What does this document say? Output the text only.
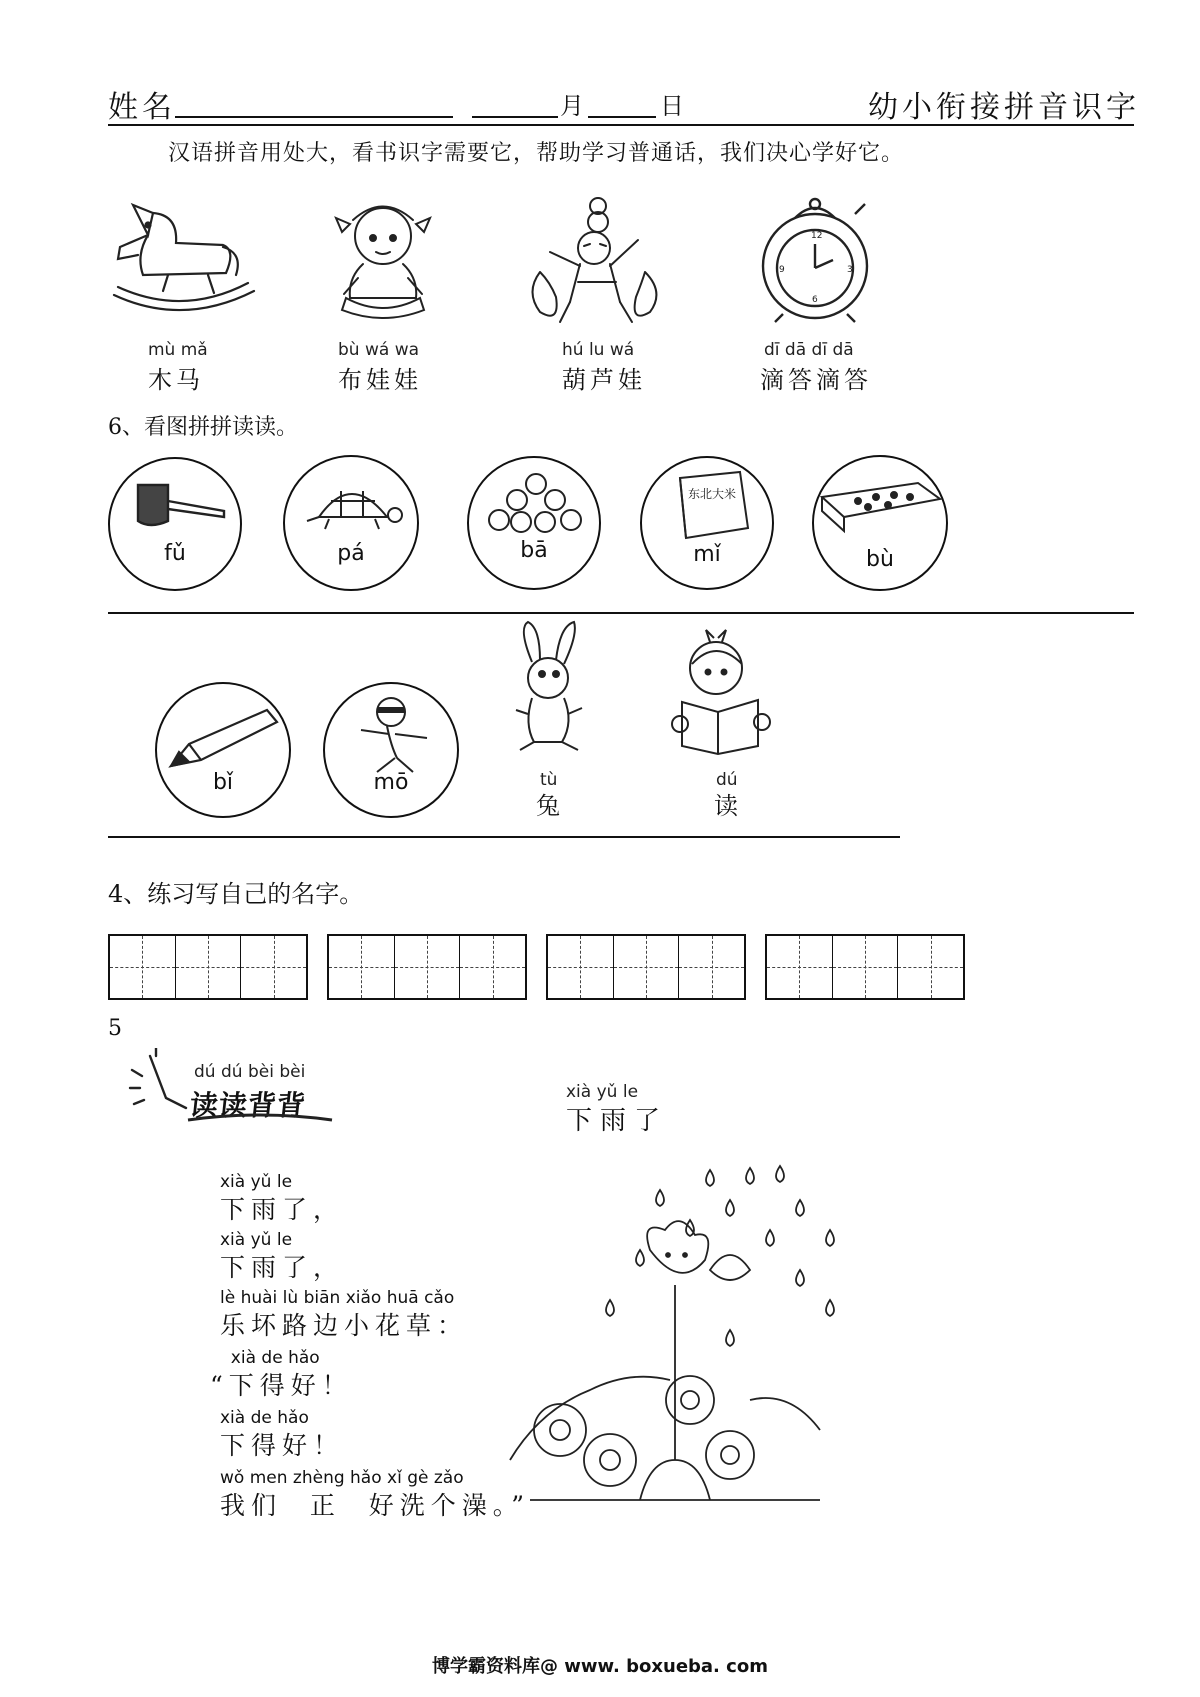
姓名	月	日	幼小衔接拼音识字
汉语拼音用处大，看书识字需要它，帮助学习普通话，我们决心学好它。
12
3
6
9
mù mǎ
木马
bù wá wa
布娃娃
hú lu wá
葫芦娃
dī dā dī dā
滴答滴答
6、看图拼拼读读。
fǔ	pá	bā
东北大米
mǐ	bù
bǐ	mō	tù
兔
dú
读
4、练习写自己的名字。
5
dú dú bèi bèi
读读背背	xià yǔ le
下雨了
xià yǔ le
下雨了，
xià yǔ le
下雨了，
lè huài lù biān xiǎo huā cǎo
乐坏路边小花草：
xià de hǎo
“下得好！
xià de hǎo
下得好！
wǒ men zhèng hǎo xǐ gè zǎo
我们  正  好洗个澡。”
博学霸资料库@ www. boxueba. com
